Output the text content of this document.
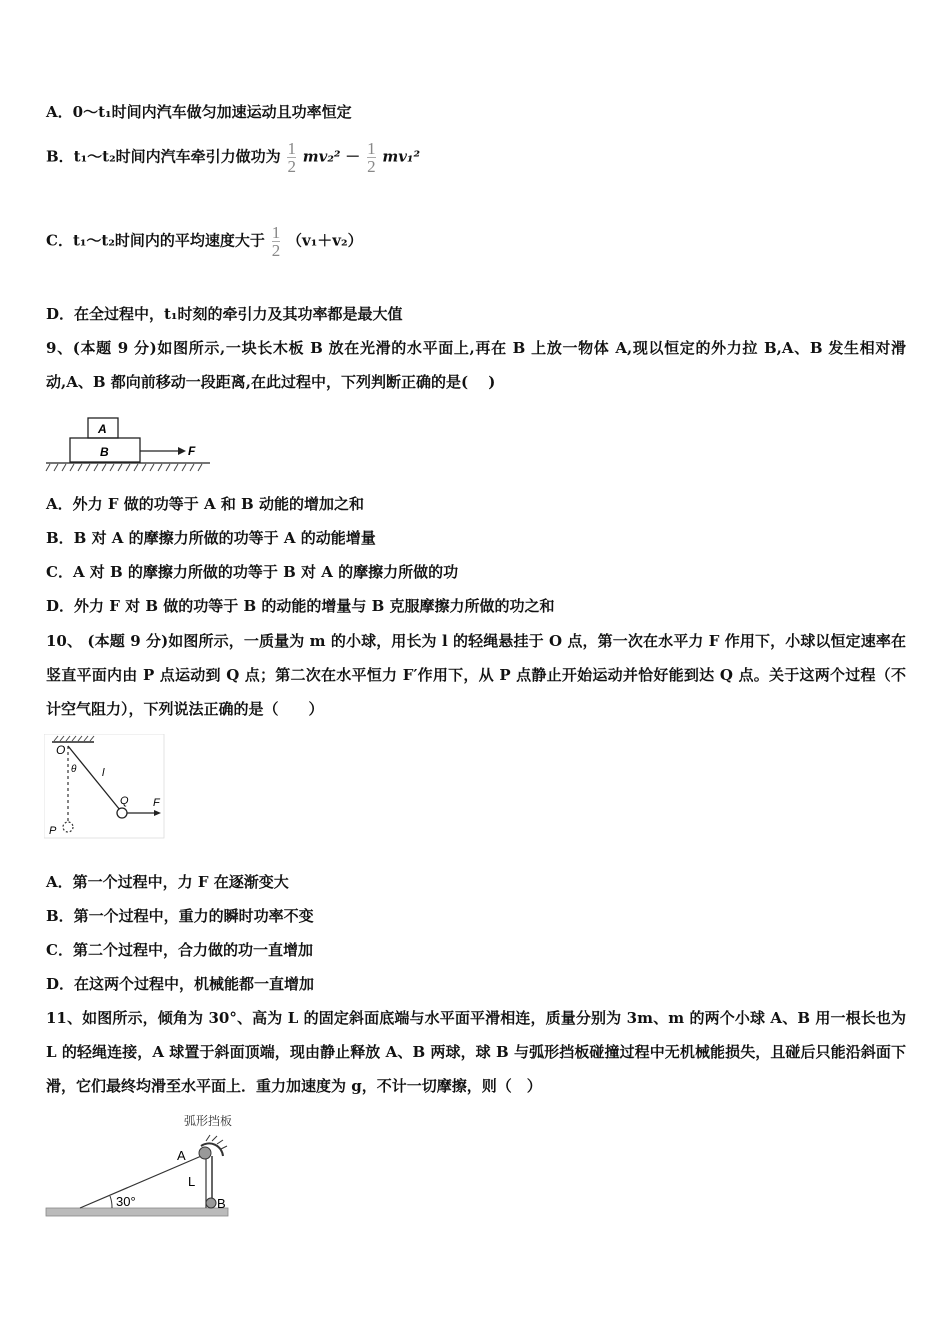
A．0～t₁时间内汽车做匀加速运动且功率恒定
B．t₁～t₂时间内汽车牵引力做功为 $\frac{1}{2} mv_2^2 - \frac{1}{2} mv_1^2$
C．t₁～t₂时间内的平均速度大于 $\frac{1}{2} (v_1+v_2)$
D．在全过程中，t₁时刻的牵引力及其功率都是最大值
9、(本题 9 分)如图所示,一块长木板 B 放在光滑的水平面上,再在 B 上放一物体 A,现以恒定的外力拉 B,A、B 发生相对滑动,A、B 都向前移动一段距离,在此过程中，下列判断正确的是(　 )
A
B	F
A．外力 F 做的功等于 A 和 B 动能的增加之和
B．B 对 A 的摩擦力所做的功等于 A 的动能增量
C．A 对 B 的摩擦力所做的功等于 B 对 A 的摩擦力所做的功
D．外力 F 对 B 做的功等于 B 的动能的增量与 B 克服摩擦力所做的功之和
10、 (本题 9 分)如图所示，一质量为 m 的小球，用长为 l 的轻绳悬挂于 O 点，第一次在水平力 F 作用下，小球以恒定速率在竖直平面内由 P 点运动到 Q 点；第二次在水平恒力 F′作用下，从 P 点静止开始运动并恰好能到达 Q 点。关于这两个过程（不计空气阻力），下列说法正确的是（　　）
O
θ l
Q F
P
A．第一个过程中，力 F 在逐渐变大
B．第一个过程中，重力的瞬时功率不变
C．第二个过程中，合力做的功一直增加
D．在这两个过程中，机械能都一直增加
11、如图所示，倾角为 30°、高为 L 的固定斜面底端与水平面平滑相连，质量分别为 3m、m 的两个小球 A、B 用一根长也为 L 的轻绳连接，A 球置于斜面顶端，现由静止释放 A、B 两球，球 B 与弧形挡板碰撞过程中无机械能损失，且碰后只能沿斜面下滑，它们最终均滑至水平面上．重力加速度为 g，不计一切摩擦，则（　）
弧形挡板
A
L
B
30°
